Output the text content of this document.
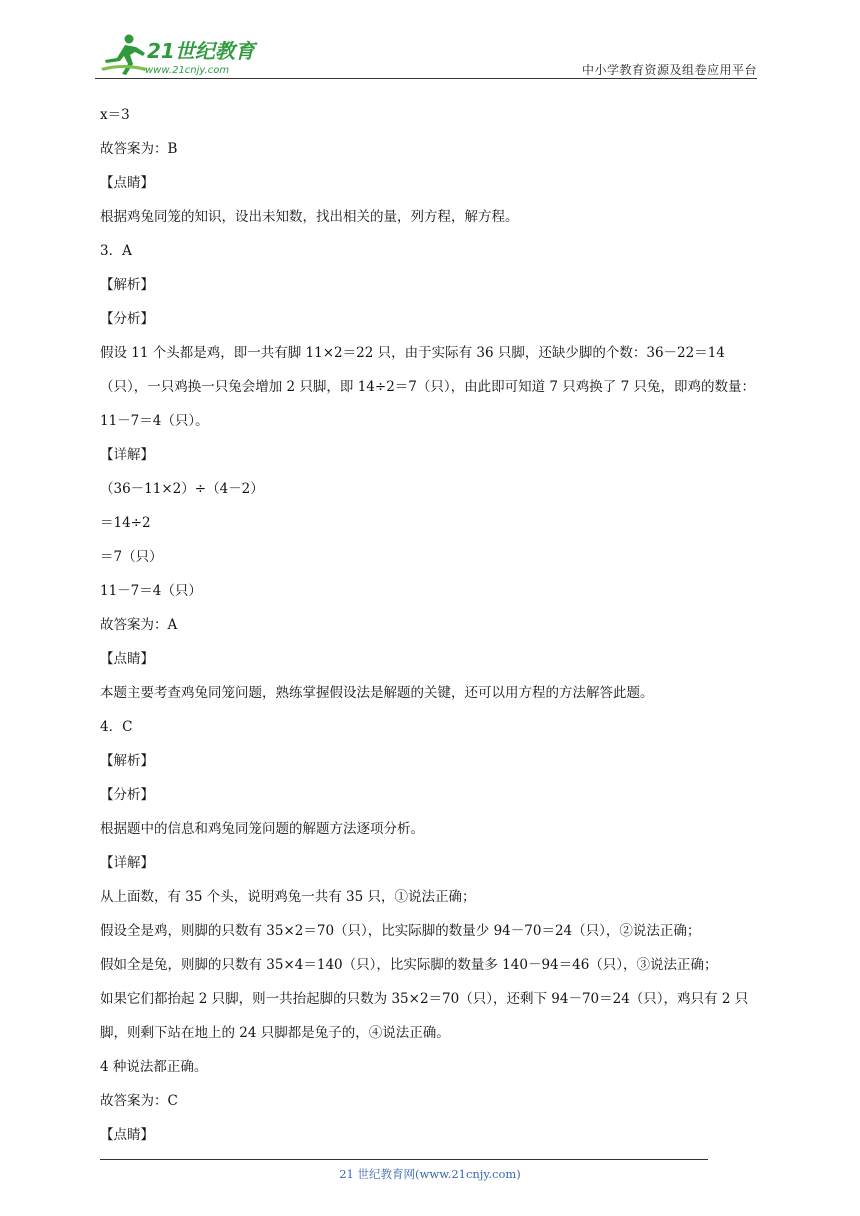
21世纪教育
www.21cnjy.com	中小学教育资源及组卷应用平台
x＝3
故答案为：B
【点睛】
根据鸡兔同笼的知识，设出未知数，找出相关的量，列方程，解方程。
3．A
【解析】
【分析】
假设 11 个头都是鸡，即一共有脚 11×2＝22 只，由于实际有 36 只脚，还缺少脚的个数：36－22＝14（只），一只鸡换一只兔会增加 2 只脚，即 14÷2＝7（只），由此即可知道 7 只鸡换了 7 只兔，即鸡的数量：11－7＝4（只）。
【详解】
（36－11×2）÷（4－2）
＝14÷2
＝7（只）
11－7＝4（只）
故答案为：A
【点睛】
本题主要考查鸡兔同笼问题，熟练掌握假设法是解题的关键，还可以用方程的方法解答此题。
4．C
【解析】
【分析】
根据题中的信息和鸡兔同笼问题的解题方法逐项分析。
【详解】
从上面数，有 35 个头，说明鸡兔一共有 35 只，①说法正确；
假设全是鸡，则脚的只数有 35×2＝70（只），比实际脚的数量少 94－70＝24（只），②说法正确；
假如全是兔，则脚的只数有 35×4＝140（只），比实际脚的数量多 140－94＝46（只），③说法正确；
如果它们都抬起 2 只脚，则一共抬起脚的只数为 35×2＝70（只），还剩下 94－70＝24（只），鸡只有 2 只脚，则剩下站在地上的 24 只脚都是兔子的，④说法正确。
4 种说法都正确。
故答案为：C
【点睛】
21 世纪教育网(www.21cnjy.com)
